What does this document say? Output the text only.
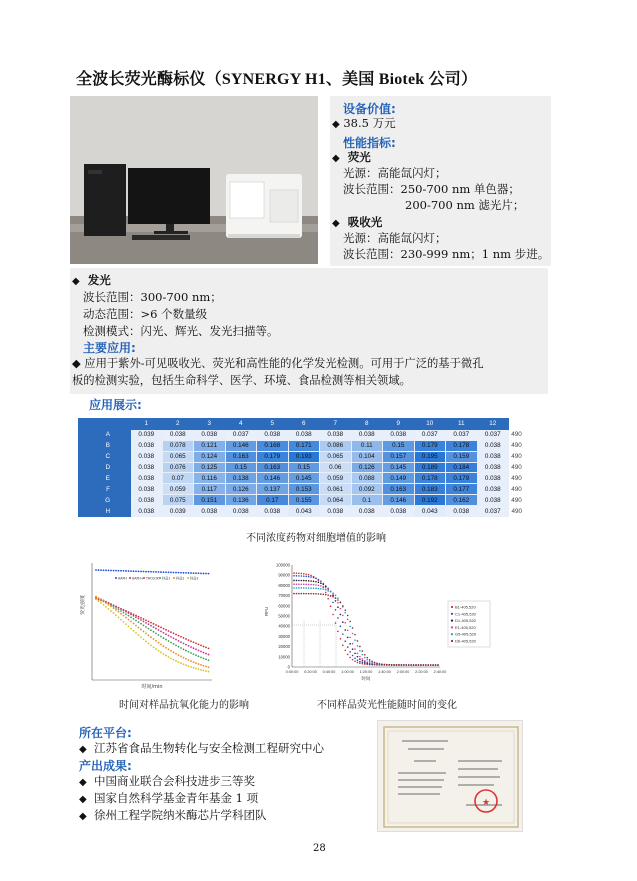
全波长荧光酶标仪（SYNERGY H1、美国 Biotek 公司）
设备价值:
◆ 38.5 万元
性能指标:
◆ 荧光
光源：高能氙闪灯；
波长范围：250-700 nm 单色器；
200-700 nm 滤光片；
◆ 吸收光
光源：高能氙闪灯；
波长范围：230-999 nm；1 nm 步进。
◆ 发光
波长范围：300-700 nm；
动态范围：>6 个数量级
检测模式：闪光、辉光、发光扫描等。
主要应用:
◆ 应用于紫外-可见吸收光、荧光和高性能的化学发光检测。可用于广泛的基于微孔
板的检测实验，包括生命科学、医学、环境、食品检测等相关领域。
应用展示:
	1	2	3	4	5	6	7	8	9	10	11	12	
A	0.039	0.038	0.038	0.037	0.038	0.038	0.038	0.038	0.038	0.037	0.037	0.037	490
B	0.038	0.078	0.121	0.146	0.168	0.171	0.086	0.11	0.15	0.179	0.178	0.038	490
C	0.038	0.065	0.124	0.163	0.179	0.193	0.065	0.104	0.157	0.195	0.159	0.038	490
D	0.038	0.076	0.125	0.15	0.163	0.15	0.06	0.126	0.145	0.189	0.184	0.038	490
E	0.038	0.07	0.116	0.138	0.146	0.145	0.059	0.088	0.149	0.178	0.179	0.038	490
F	0.038	0.059	0.117	0.126	0.137	0.153	0.061	0.092	0.163	0.183	0.177	0.038	490
G	0.038	0.075	0.151	0.136	0.17	0.155	0.064	0.1	0.146	0.192	0.162	0.038	490
H	0.038	0.039	0.038	0.038	0.038	0.043	0.038	0.038	0.038	0.043	0.038	0.037	490
不同浓度药物对细胞增值的影响
荧光强度
时间/min
AAPH AAPH+ TROLOX 样品1 样品2 样品3
时间对样品抗氧化能力的影响
100000
90000
80000
70000
60000
50000
40000
30000
20000
10000
0
0:00:00 0:20:00 0:40:00 1:00:00 1:20:00 1:40:00 2:00:00 2:20:00 2:40:00
RFU
时间
B1-405,520
C1-405,520
D1-405,520
E1-405,520
G5-405,520
D6-405,520
不同样品荧光性能随时间的变化
所在平台:
◆ 江苏省食品生物转化与安全检测工程研究中心
产出成果:
◆ 中国商业联合会科技进步三等奖
◆ 国家自然科学基金青年基金 1 项
◆ 徐州工程学院纳米酶芯片学科团队
★
28
